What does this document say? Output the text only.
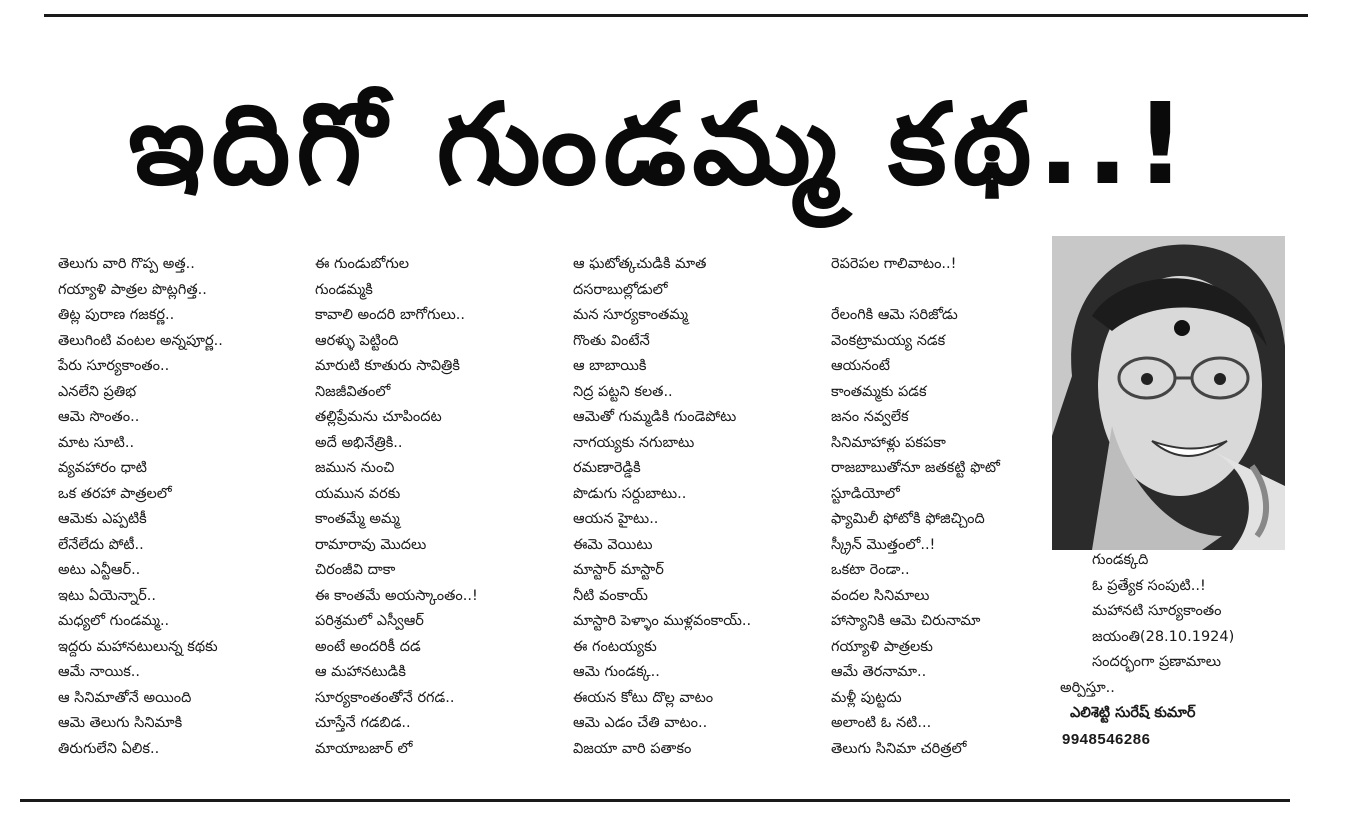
ఇదిగో గుండమ్మ కథ..!
తెలుగు వారి గొప్ప అత్త..
గయ్యాళి పాత్రల పొట్లగిత్త..
తిట్ల పురాణ గజకర్ణ..
తెలుగింటి వంటల అన్నపూర్ణ..
పేరు సూర్యకాంతం..
ఎనలేని ప్రతిభ
ఆమె సొంతం..
మాట సూటి..
వ్యవహారం ధాటి
ఒక తరహా పాత్రలలో
ఆమెకు ఎప్పటికీ
లేనేలేదు పోటీ..
అటు ఎన్టీఆర్..
ఇటు ఏయెన్నార్..
మధ్యలో గుండమ్మ..
ఇద్దరు మహానటులున్న కథకు
ఆమే నాయిక..
ఆ సినిమాతోనే అయింది
ఆమె తెలుగు సినిమాకి
తిరుగులేని ఏలిక..
ఈ గుండుబోగుల
గుండమ్మకి
కావాలి అందరి బాగోగులు..
ఆరళ్ళు పెట్టింది
మారుటి కూతురు సావిత్రికి
నిజజీవితంలో
తల్లిప్రేమను చూపిందట
అదే అభినేత్రికి..
జమున నుంచి
యమున వరకు
కాంతమ్మే అమ్మ
రామారావు మొదలు
చిరంజీవి దాకా
ఈ కాంతమే అయస్కాంతం..!
పరిశ్రమలో ఎస్వీఆర్
అంటే అందరికీ దడ
ఆ మహానటుడికి
సూర్యకాంతంతోనే రగడ..
చూస్తేనే గడబిడ..
మాయాబజార్ లో
ఆ ఘటోత్కచుడికి మాత
దసరాబుల్లోడులో
మన సూర్యకాంతమ్మ
గొంతు వింటేనే
ఆ బాబాయికి
నిద్ర పట్టని కలత..
ఆమెతో గుమ్మడికి గుండెపోటు
నాగయ్యకు నగుబాటు
రమణారెడ్డికి
పొడుగు సర్దుబాటు..
ఆయన హైటు..
ఈమె వెయిటు
మాస్టార్ మాస్టార్
నీటి వంకాయ్
మాస్టారి పెళ్ళాం ముళ్లవంకాయ్..
ఈ గంటయ్యకు
ఆమె గుండక్క..
ఈయన కోటు దొల్ల వాటం
ఆమె ఎడం చేతి వాటం..
విజయా వారి పతాకం
రెపరెపల గాలివాటం..!
రేలంగికి ఆమె సరిజోడు
వెంకట్రామయ్య నడక
ఆయనంటే
కాంతమ్మకు పడక
జనం నవ్వలేక
సినిమాహాళ్లు పకపకా
రాజబాబుతోనూ జతకట్టి ఫొటో
స్టూడియోలో
ఫ్యామిలీ ఫోటోకి ఫోజిచ్చింది
స్క్రీన్ మొత్తంలో..!
ఒకటా రెండా..
వందల సినిమాలు
హాస్యానికి ఆమె చిరునామా
గయ్యాళి పాత్రలకు
ఆమే తెరనామా..
మళ్లీ పుట్టదు
అలాంటి ఓ నటి...
తెలుగు సినిమా చరిత్రలో
గుండక్కది
ఓ ప్రత్యేక సంపుటి..!
మహానటి సూర్యకాంతం
జయంతి(28.10.1924)
సందర్భంగా ప్రణామాలు
అర్పిస్తూ..
ఎలిశెట్టి సురేష్ కుమార్
9948546286
